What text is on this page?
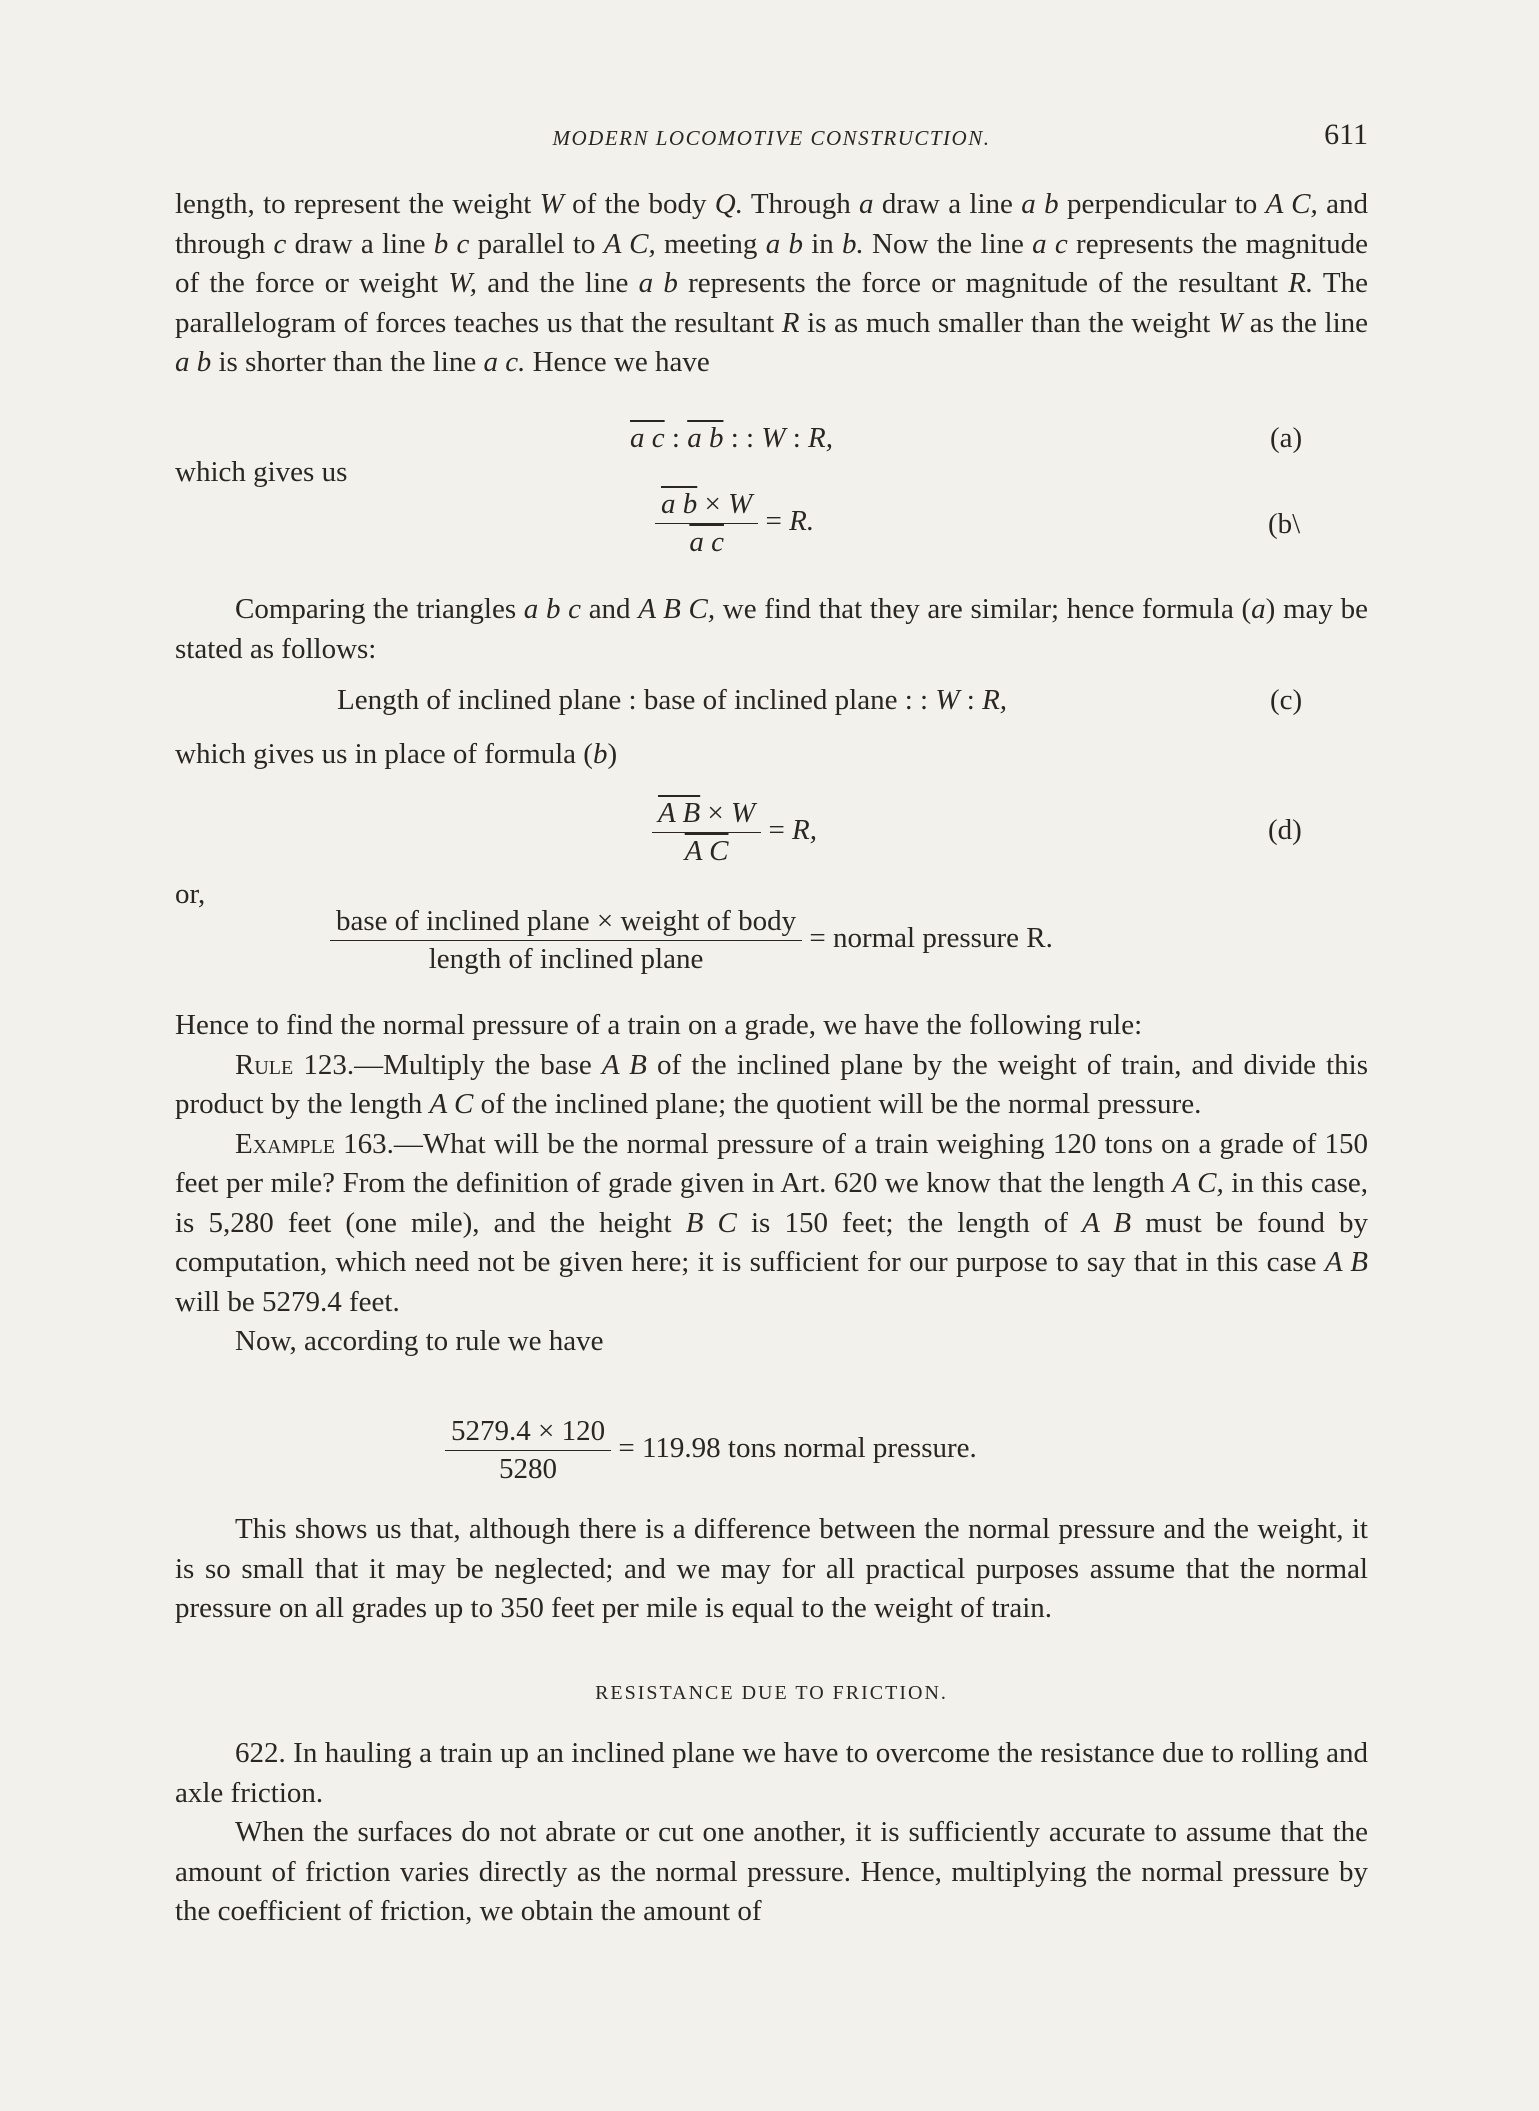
MODERN LOCOMOTIVE CONSTRUCTION.	611

length, to represent the weight W of the body Q. Through a draw a line a b perpendicular to A C, and through c draw a line b c parallel to A C, meeting a b in b. Now the line a c represents the magnitude of the force or weight W, and the line a b represents the force or magnitude of the resultant R. The parallelogram of forces teaches us that the resultant R is as much smaller than the weight W as the line a b is shorter than the line a c. Hence we have

a c : a b : : W : R,	(a)
which gives us
$\frac{\text{a b × W}}{\text{a c}} = R$.	(b\

Comparing the triangles a b c and A B C, we find that they are similar; hence formula (a) may be stated as follows:

Length of inclined plane : base of inclined plane : : W : R,	(c)
which gives us in place of formula (b)
$\frac{\text{A B × W}}{\text{A C}} = R$,	(d)
or,
$\frac{\text{base of inclined plane × weight of body}}{\text{length of inclined plane}}$ = normal pressure R.

Hence to find the normal pressure of a train on a grade, we have the following rule:

Rule 123.—Multiply the base A B of the inclined plane by the weight of train, and divide this product by the length A C of the inclined plane; the quotient will be the normal pressure.

Example 163.—What will be the normal pressure of a train weighing 120 tons on a grade of 150 feet per mile? From the definition of grade given in Art. 620 we know that the length A C, in this case, is 5,280 feet (one mile), and the height B C is 150 feet; the length of A B must be found by computation, which need not be given here; it is sufficient for our purpose to say that in this case A B will be 5279.4 feet.

Now, according to rule we have

$\frac{5279.4 \times 120}{5280} = 119.98$ tons normal pressure.

This shows us that, although there is a difference between the normal pressure and the weight, it is so small that it may be neglected; and we may for all practical purposes assume that the normal pressure on all grades up to 350 feet per mile is equal to the weight of train.

RESISTANCE DUE TO FRICTION.

622. In hauling a train up an inclined plane we have to overcome the resistance due to rolling and axle friction.

When the surfaces do not abrate or cut one another, it is sufficiently accurate to assume that the amount of friction varies directly as the normal pressure. Hence, multiplying the normal pressure by the coefficient of friction, we obtain the amount of
